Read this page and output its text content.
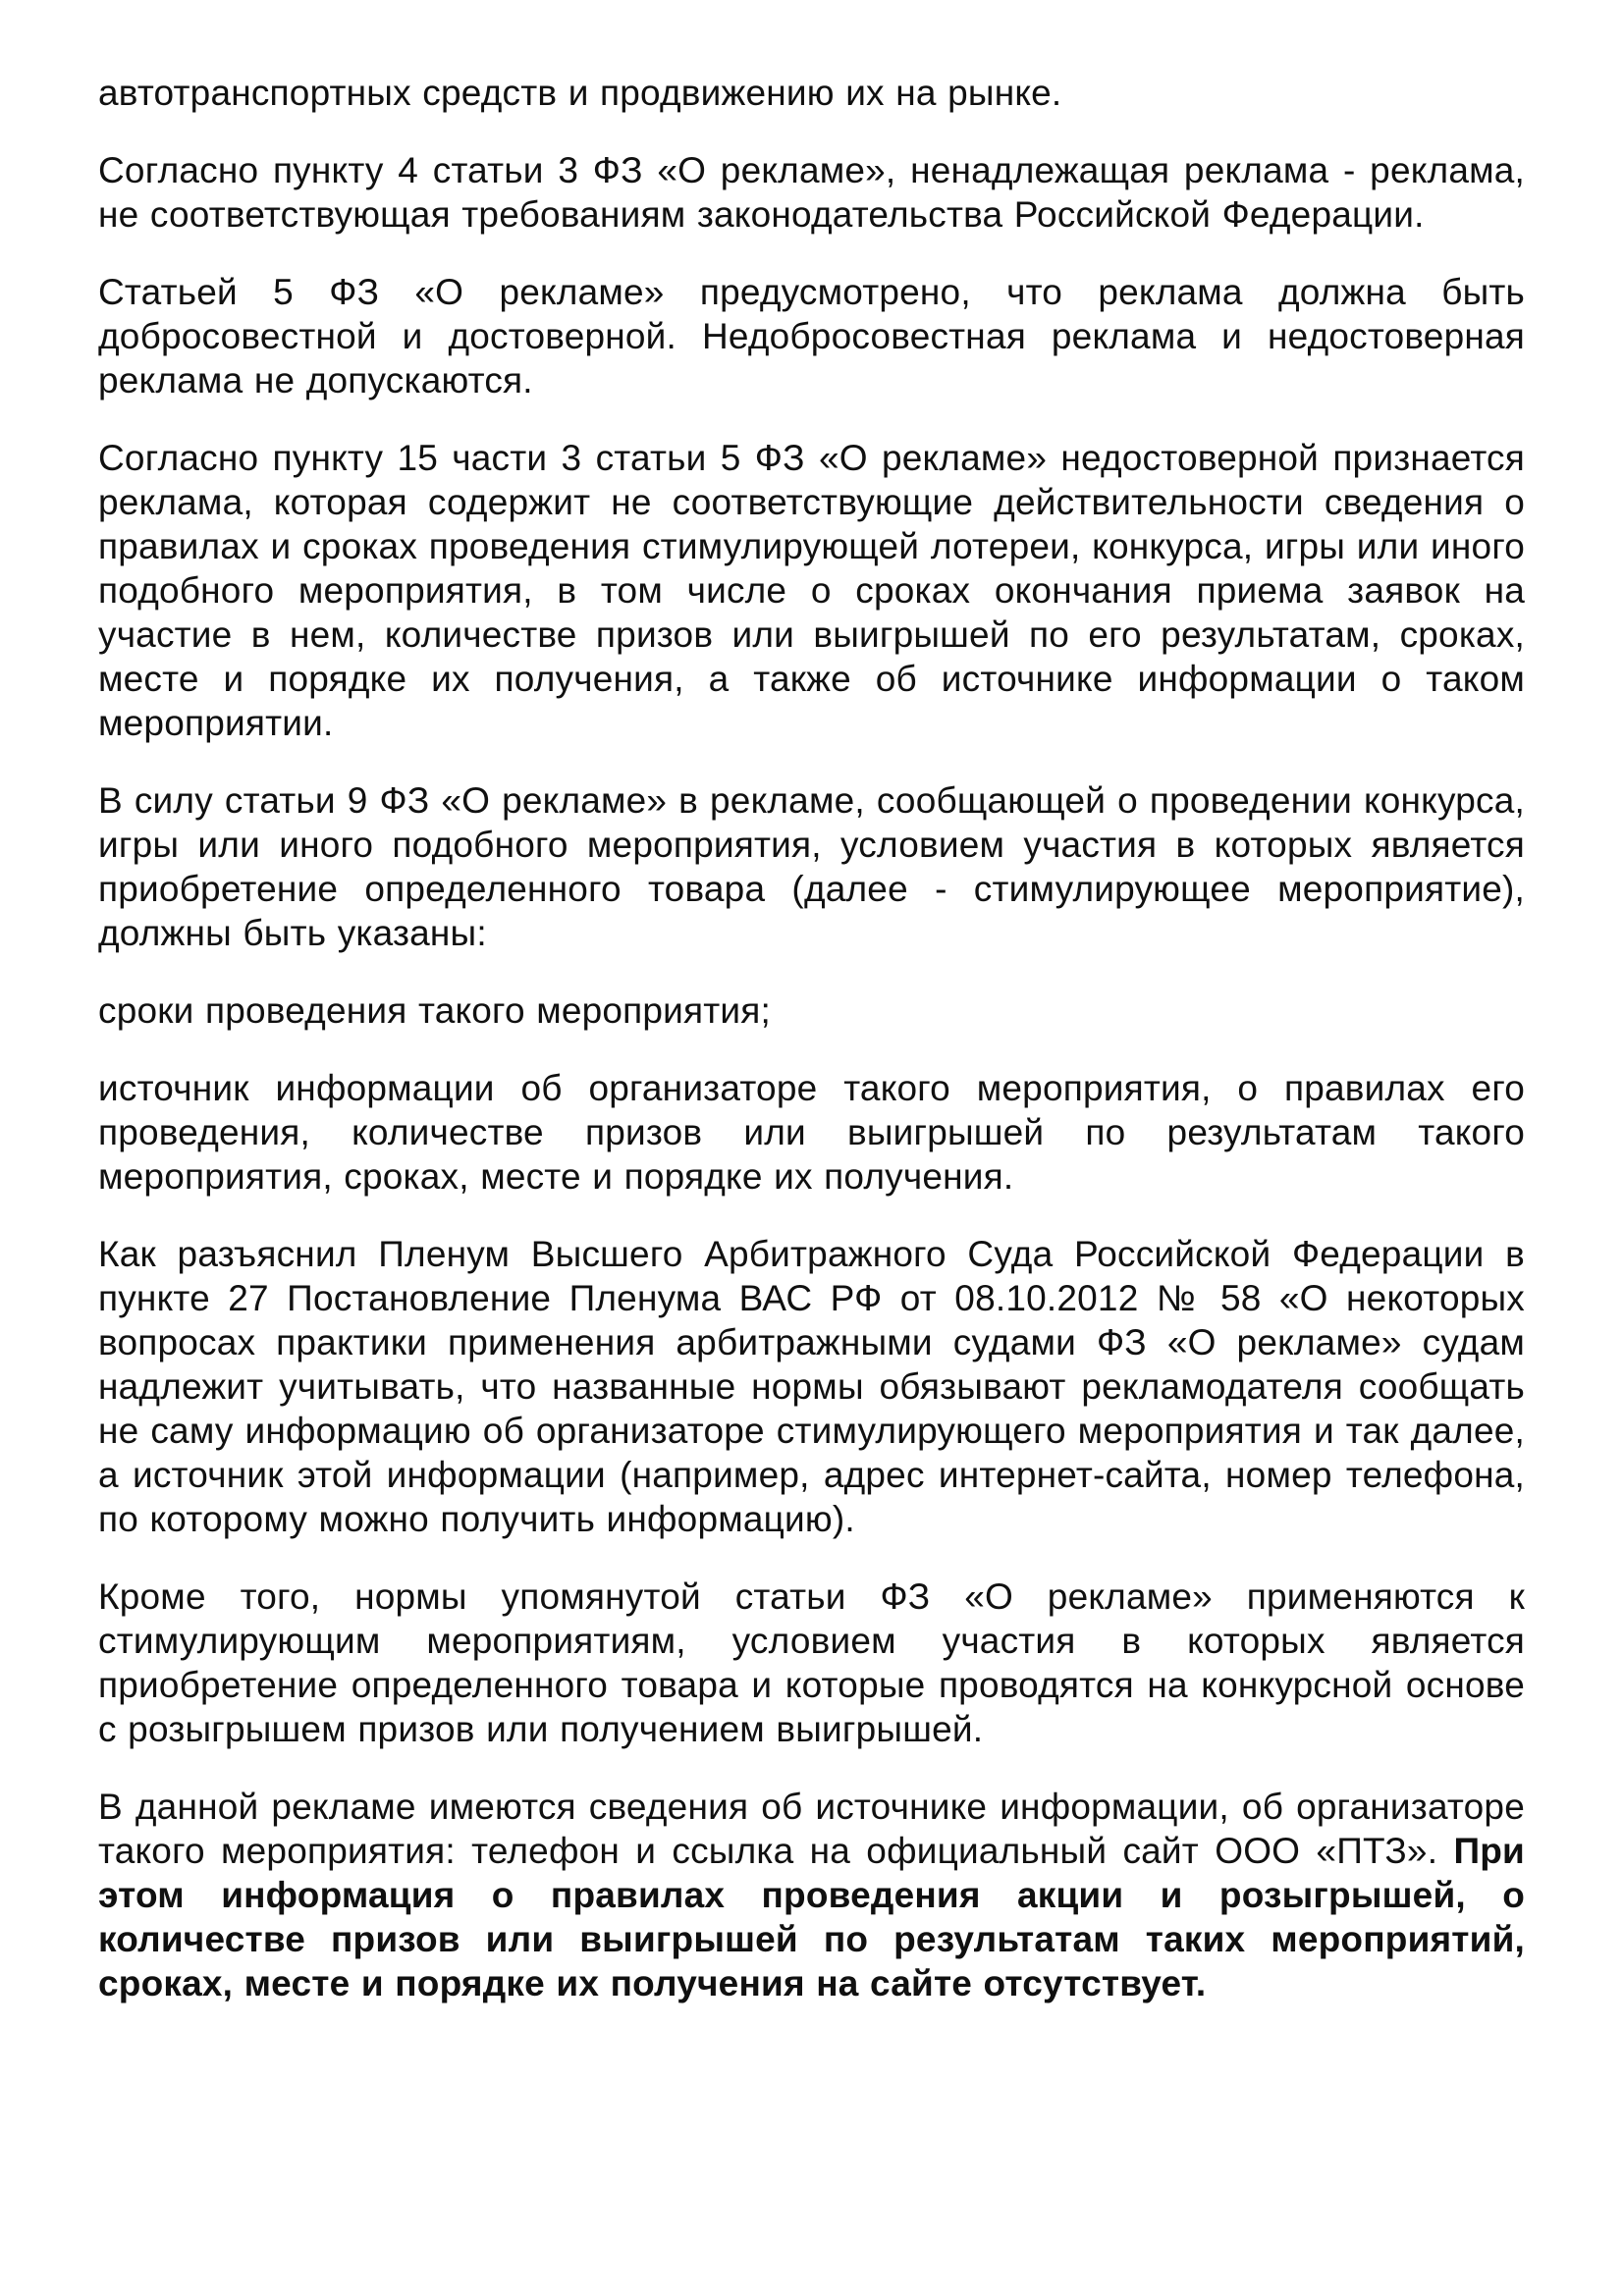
автотранспортных средств и продвижению их на рынке.

Согласно пункту 4 статьи 3 ФЗ «О рекламе», ненадлежащая реклама - реклама, не соответствующая требованиям законодательства Российской Федерации.

Статьей 5 ФЗ «О рекламе» предусмотрено, что реклама должна быть добросовестной и достоверной. Недобросовестная реклама и недостоверная реклама не допускаются.

Согласно пункту 15 части 3 статьи 5 ФЗ «О рекламе» недостоверной признается реклама, которая содержит не соответствующие действительности сведения о правилах и сроках проведения стимулирующей лотереи, конкурса, игры или иного подобного мероприятия, в том числе о сроках окончания приема заявок на участие в нем, количестве призов или выигрышей по его результатам, сроках, месте и порядке их получения, а также об источнике информации о таком мероприятии.

В силу статьи 9 ФЗ «О рекламе» в рекламе, сообщающей о проведении конкурса, игры или иного подобного мероприятия, условием участия в которых является приобретение определенного товара (далее - стимулирующее мероприятие), должны быть указаны:

сроки проведения такого мероприятия;

источник информации об организаторе такого мероприятия, о правилах его проведения, количестве призов или выигрышей по результатам такого мероприятия, сроках, месте и порядке их получения.

Как разъяснил Пленум Высшего Арбитражного Суда Российской Федерации в пункте 27 Постановление Пленума ВАС РФ от 08.10.2012 № 58 «О некоторых вопросах практики применения арбитражными судами ФЗ «О рекламе» судам надлежит учитывать, что названные нормы обязывают рекламодателя сообщать не саму информацию об организаторе стимулирующего мероприятия и так далее, а источник этой информации (например, адрес интернет-сайта, номер телефона, по которому можно получить информацию).

Кроме того, нормы упомянутой статьи ФЗ «О рекламе» применяются к стимулирующим мероприятиям, условием участия в которых является приобретение определенного товара и которые проводятся на конкурсной основе с розыгрышем призов или получением выигрышей.

В данной рекламе имеются сведения об источнике информации, об организаторе такого мероприятия: телефон и ссылка на официальный сайт ООО «ПТЗ». При этом информация о правилах проведения акции и розыгрышей, о количестве призов или выигрышей по результатам таких мероприятий, сроках, месте и порядке их получения на сайте отсутствует.
